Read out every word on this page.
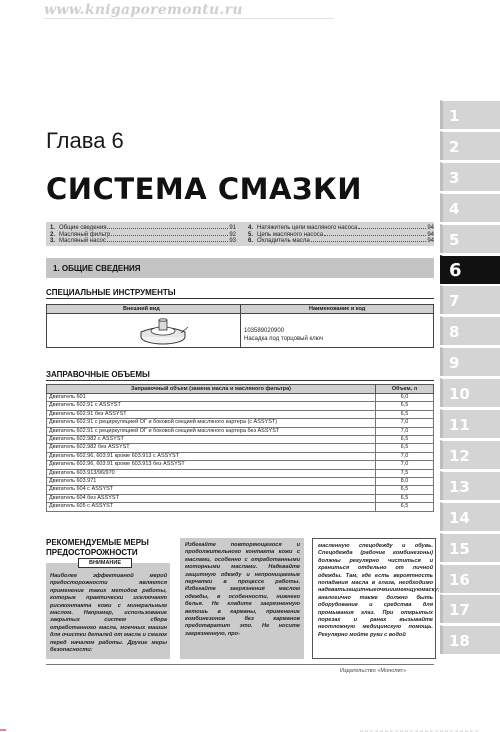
www.knigaporemontu.ru
Глава 6
СИСТЕМА СМАЗКИ
1. Общие сведения	91
2. Масляный фильтр	92
3. Масляный насос	93
4. Натяжитель цепи масляного насоса	94
5. Цепь масляного насоса	94
6. Охладитель масла	94
1. ОБЩИЕ СВЕДЕНИЯ
СПЕЦИАЛЬНЫЕ ИНСТРУМЕНТЫ
Внешний вид	Наименование и код
103589020900
Насадка под торцовый ключ
ЗАПРАВОЧНЫЕ ОБЪЕМЫ
Заправочный объем (замена масла и масляного фильтра)	Объем, л
Двигатель 601	6,0
Двигатель 602.91 с ASSYST	6,5
Двигатель 602.91 без ASSYST	6,5
Двигатель 602.91 с рециркуляцией ОГ и боковой секцией масляного картера (с ASSYST)	7,0
Двигатель 602.91 с рециркуляцией ОГ и боковой секцией масляного картера без ASSYST	7,0
Двигатель 602.982 с ASSYST	6,5
Двигатель 602.982 без ASSYST	6,5
Двигатель 602.96, 603.91 кроме 603.913 с ASSYST	7,0
Двигатель 602.96, 603.91 кроме 603.913 без ASSYST	7,0
Двигатель 603.913/96/970	7,5
Двигатель 603.971	8,0
Двигатель 604 с ASSYST	6,5
Двигатель 604 без ASSYST	6,5
Двигатель 605 с ASSYST	6,5
РЕКОМЕНДУЕМЫЕ МЕРЫ ПРЕДОСТОРОЖНОСТИ

Наиболее эффективной мерой предосторожности является применение таких методов работы, которые практически исключают рискконтакта кожи с минеральным маслом. Например, использование закрытых систем сбора отработанного масла, моечных машин для очистки деталей от масла и смазок перед началом работы. Другие меры безопасности:

ВНИМАНИЕ

Избегайте повторяющегося и продолжительного контакта кожи с маслами, особенно с отработанными моторными маслами. Надевайте защитную одежду и непроницаемые перчатки в процессе работы. Избегайте загрязнения маслом одежды, в особенности, нижнего белья. Не кладите загрязненную ветошь в карманы, применение комбинезонов без карманов предотвратит это. Не носите загрязненную, про-

масленную спецодежду и обувь. Спецодежда (рабочие комбинезоны) должны регулярно чиститься и храниться отдельно от личной одежды. Там, где есть вероятность попадания масла в глаза, необходимо надеватьзащитныеочкииимеющуюмаску; аналогично также должно быть оборудование и средства для промывания глаз. При открытых порезах и ранах вызывайте неотложную медицинскую помощь. Регулярно мойте руки с водой

Издательство «Монолит»
1
2
3
4
5
6
7
8
9
10
11
12
13
14
15
16
17
18
